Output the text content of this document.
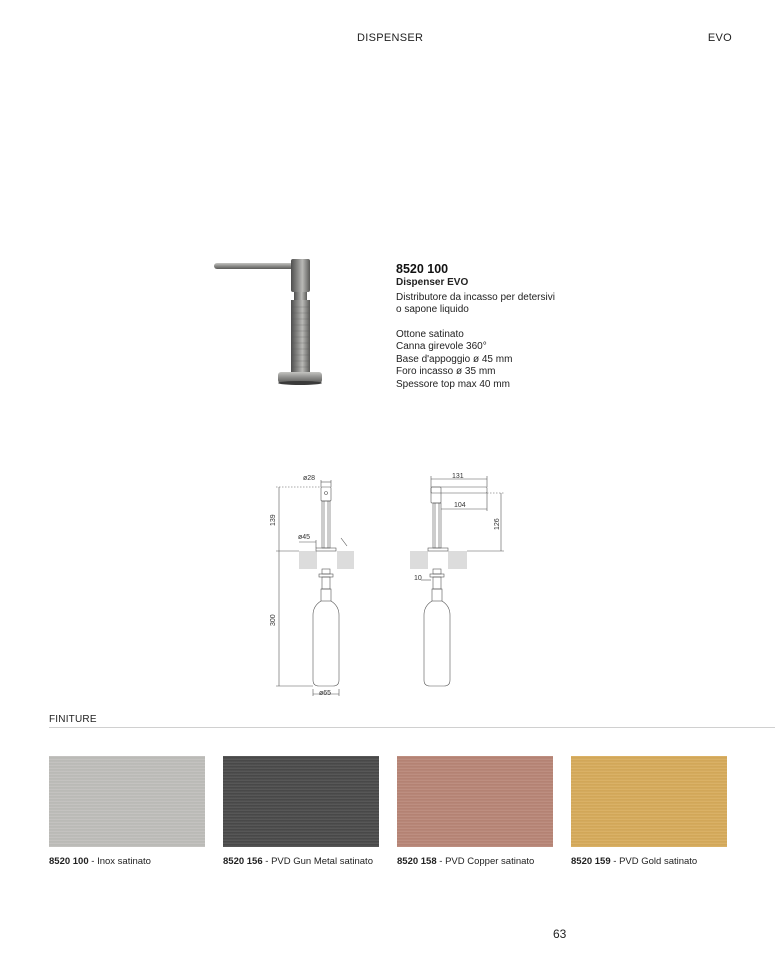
DISPENSER	EVO
8520 100
Dispenser EVO
Distributore da incasso per detersivi
o sapone liquido
Ottone satinato
Canna girevole 360°
Base d'appoggio ø 45 mm
Foro incasso ø 35 mm
Spessore top max 40 mm
ø28
ø45
ø65
139
300
131
104
126
10
FINITURE
8520 100 - Inox satinato	8520 156 - PVD Gun Metal satinato	8520 158 - PVD Copper satinato	8520 159 - PVD Gold satinato
63
